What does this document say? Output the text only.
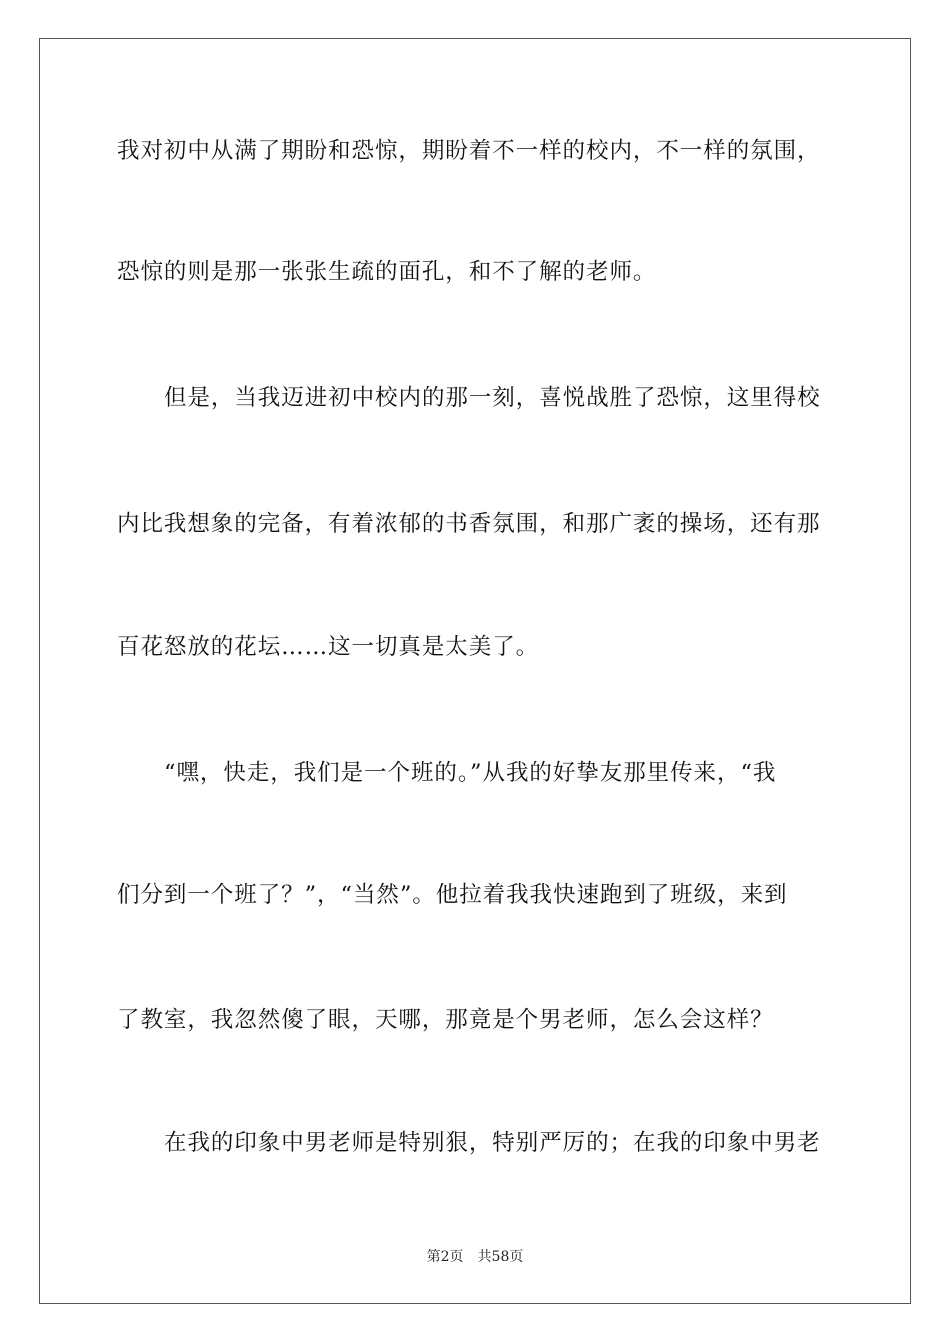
我对初中从满了期盼和恐惊，期盼着不一样的校内，不一样的氛围，
恐惊的则是那一张张生疏的面孔，和不了解的老师。
但是，当我迈进初中校内的那一刻，喜悦战胜了恐惊，这里得校
内比我想象的完备，有着浓郁的书香氛围，和那广袤的操场，还有那
百花怒放的花坛……这一切真是太美了。
“嘿，快走，我们是一个班的。”从我的好挚友那里传来，“我
们分到一个班了？”，“当然”。他拉着我我快速跑到了班级，来到
了教室，我忽然傻了眼，天哪，那竟是个男老师，怎么会这样？
在我的印象中男老师是特别狠，特别严厉的；在我的印象中男老
第2页 共58页
